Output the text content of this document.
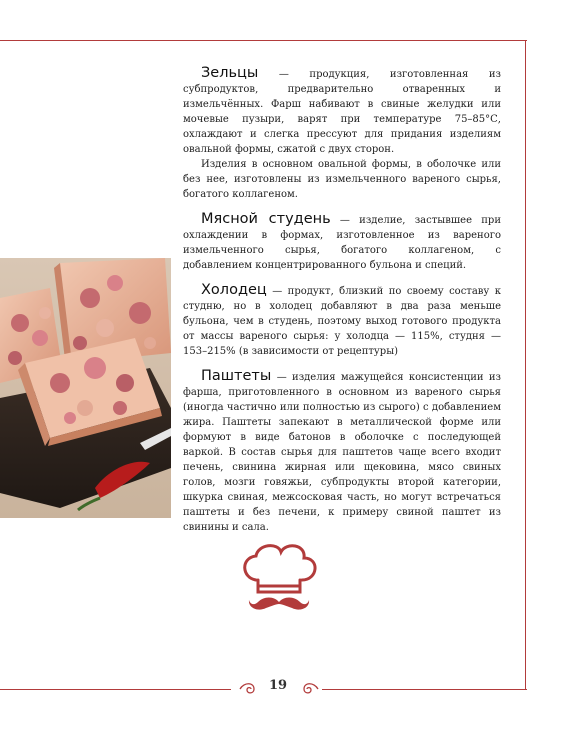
Зельцы — продукция, изготовленная из субпродуктов, предварительно отваренных и измельчённых. Фарш набивают в свиные желудки или мочевые пузыри, варят при температуре 75–85°С, охлаждают и слегка прессуют для придания изделиям овальной формы, сжатой с двух сторон.

Изделия в основном овальной формы, в оболочке или без нее, изготовлены из измельченного вареного сырья, богатого коллагеном.

Мясной студень — изделие, застывшее при охлаждении в формах, изготовленное из вареного измельченного сырья, богатого коллагеном, с добавлением концентрированного бульона и специй.

Холодец — продукт, близкий по своему составу к студню, но в холодец добавляют в два раза меньше бульона, чем в студень, поэтому выход готового продукта от массы вареного сырья: у холодца — 115%, студня — 153–215% (в зависимости от рецептуры)

Паштеты — изделия мажущейся консистенции из фарша, приготовленного в основном из вареного сырья (иногда частично или полностью из сырого) с добавлением жира. Паштеты запекают в металлической форме или формуют в виде батонов в оболочке с последующей варкой. В состав сырья для паштетов чаще всего входит печень, свинина жирная или щековина, мясо свиных голов, мозги говяжьи, субпродукты второй категории, шкурка свиная, межсосковая часть, но могут встречаться паштеты и без печени, к примеру свиной паштет из свинины и сала.

19
